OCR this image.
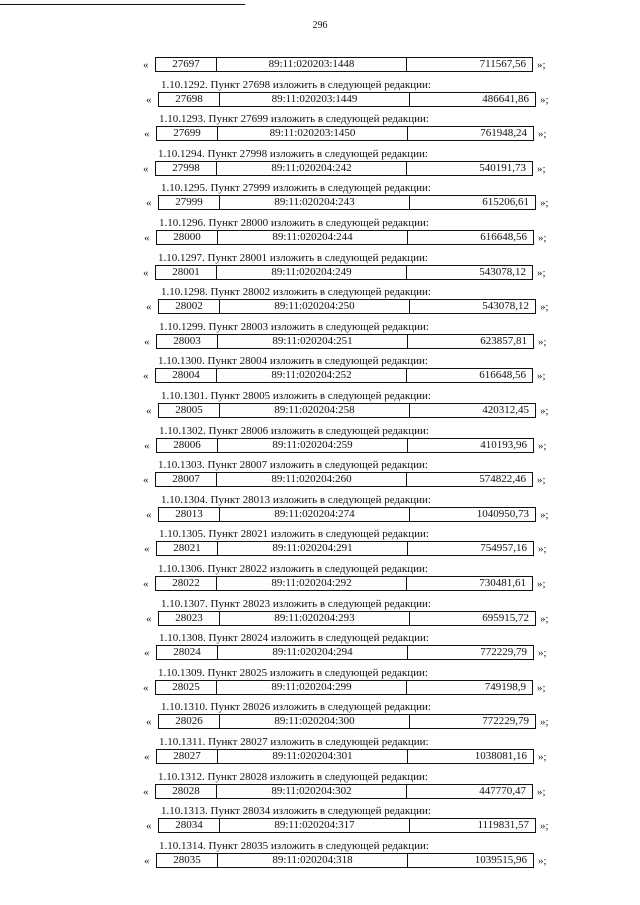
296
«	27697	89:11:020203:1448	711567,56	»;
1.10.1292. Пункт 27698 изложить в следующей редакции:
«	27698	89:11:020203:1449	486641,86	»;
1.10.1293. Пункт 27699 изложить в следующей редакции:
«	27699	89:11:020203:1450	761948,24	»;
1.10.1294. Пункт 27998 изложить в следующей редакции:
«	27998	89:11:020204:242	540191,73	»;
1.10.1295. Пункт 27999 изложить в следующей редакции:
«	27999	89:11:020204:243	615206,61	»;
1.10.1296. Пункт 28000 изложить в следующей редакции:
«	28000	89:11:020204:244	616648,56	»;
1.10.1297. Пункт 28001 изложить в следующей редакции:
«	28001	89:11:020204:249	543078,12	»;
1.10.1298. Пункт 28002 изложить в следующей редакции:
«	28002	89:11:020204:250	543078,12	»;
1.10.1299. Пункт 28003 изложить в следующей редакции:
«	28003	89:11:020204:251	623857,81	»;
1.10.1300. Пункт 28004 изложить в следующей редакции:
«	28004	89:11:020204:252	616648,56	»;
1.10.1301. Пункт 28005 изложить в следующей редакции:
«	28005	89:11:020204:258	420312,45	»;
1.10.1302. Пункт 28006 изложить в следующей редакции:
«	28006	89:11:020204:259	410193,96	»;
1.10.1303. Пункт 28007 изложить в следующей редакции:
«	28007	89:11:020204:260	574822,46	»;
1.10.1304. Пункт 28013 изложить в следующей редакции:
«	28013	89:11:020204:274	1040950,73	»;
1.10.1305. Пункт 28021 изложить в следующей редакции:
«	28021	89:11:020204:291	754957,16	»;
1.10.1306. Пункт 28022 изложить в следующей редакции:
«	28022	89:11:020204:292	730481,61	»;
1.10.1307. Пункт 28023 изложить в следующей редакции:
«	28023	89:11:020204:293	695915,72	»;
1.10.1308. Пункт 28024 изложить в следующей редакции:
«	28024	89:11:020204:294	772229,79	»;
1.10.1309. Пункт 28025 изложить в следующей редакции:
«	28025	89:11:020204:299	749198,9	»;
1.10.1310. Пункт 28026 изложить в следующей редакции:
«	28026	89:11:020204:300	772229,79	»;
1.10.1311. Пункт 28027 изложить в следующей редакции:
«	28027	89:11:020204:301	1038081,16	»;
1.10.1312. Пункт 28028 изложить в следующей редакции:
«	28028	89:11:020204:302	447770,47	»;
1.10.1313. Пункт 28034 изложить в следующей редакции:
«	28034	89:11:020204:317	1119831,57	»;
1.10.1314. Пункт 28035 изложить в следующей редакции:
«	28035	89:11:020204:318	1039515,96	»;
